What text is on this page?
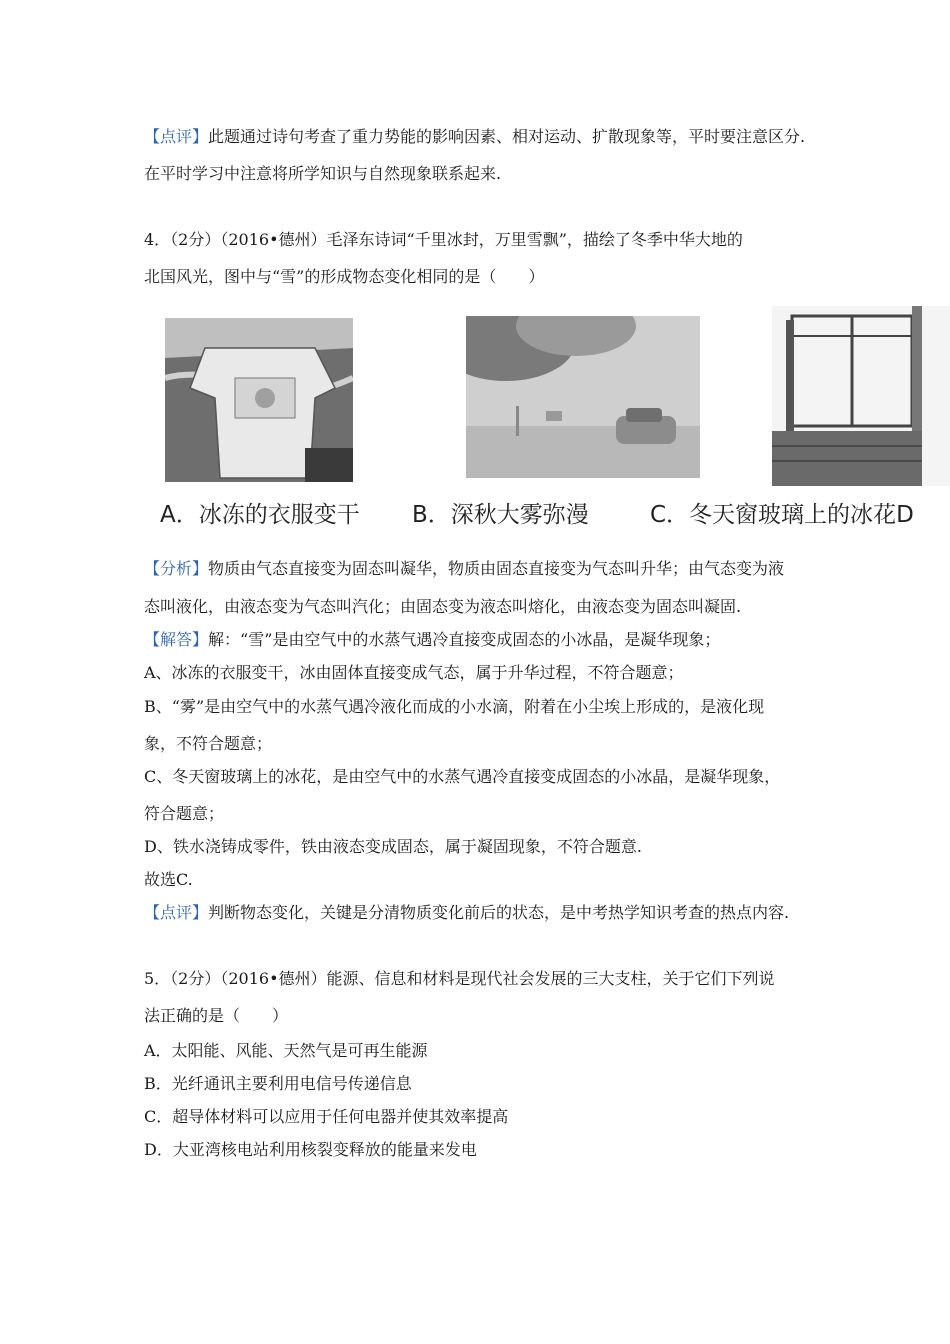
【点评】此题通过诗句考查了重力势能的影响因素、相对运动、扩散现象等，平时要注意区分.
在平时学习中注意将所学知识与自然现象联系起来.
4．（2分）（2016•德州）毛泽东诗词“千里冰封，万里雪飘”，描绘了冬季中华大地的
北国风光，图中与“雪”的形成物态变化相同的是（　　）
A．冰冻的衣服变干 B．深秋大雾弥漫	C．冬天窗玻璃上的冰花D
【分析】物质由气态直接变为固态叫凝华，物质由固态直接变为气态叫升华；由气态变为液
态叫液化，由液态变为气态叫汽化；由固态变为液态叫熔化，由液态变为固态叫凝固.
【解答】解：“雪”是由空气中的水蒸气遇冷直接变成固态的小冰晶，是凝华现象；
A、冰冻的衣服变干，冰由固体直接变成气态，属于升华过程，不符合题意；
B、“雾”是由空气中的水蒸气遇冷液化而成的小水滴，附着在小尘埃上形成的，是液化现
象，不符合题意；
C、冬天窗玻璃上的冰花，是由空气中的水蒸气遇冷直接变成固态的小冰晶，是凝华现象，
符合题意；
D、铁水浇铸成零件，铁由液态变成固态，属于凝固现象，不符合题意.
故选C.
【点评】判断物态变化，关键是分清物质变化前后的状态，是中考热学知识考查的热点内容.
5．（2分）（2016•德州）能源、信息和材料是现代社会发展的三大支柱，关于它们下列说
法正确的是（　　）
A．太阳能、风能、天然气是可再生能源
B．光纤通讯主要利用电信号传递信息
C．超导体材料可以应用于任何电器并使其效率提高
D．大亚湾核电站利用核裂变释放的能量来发电
